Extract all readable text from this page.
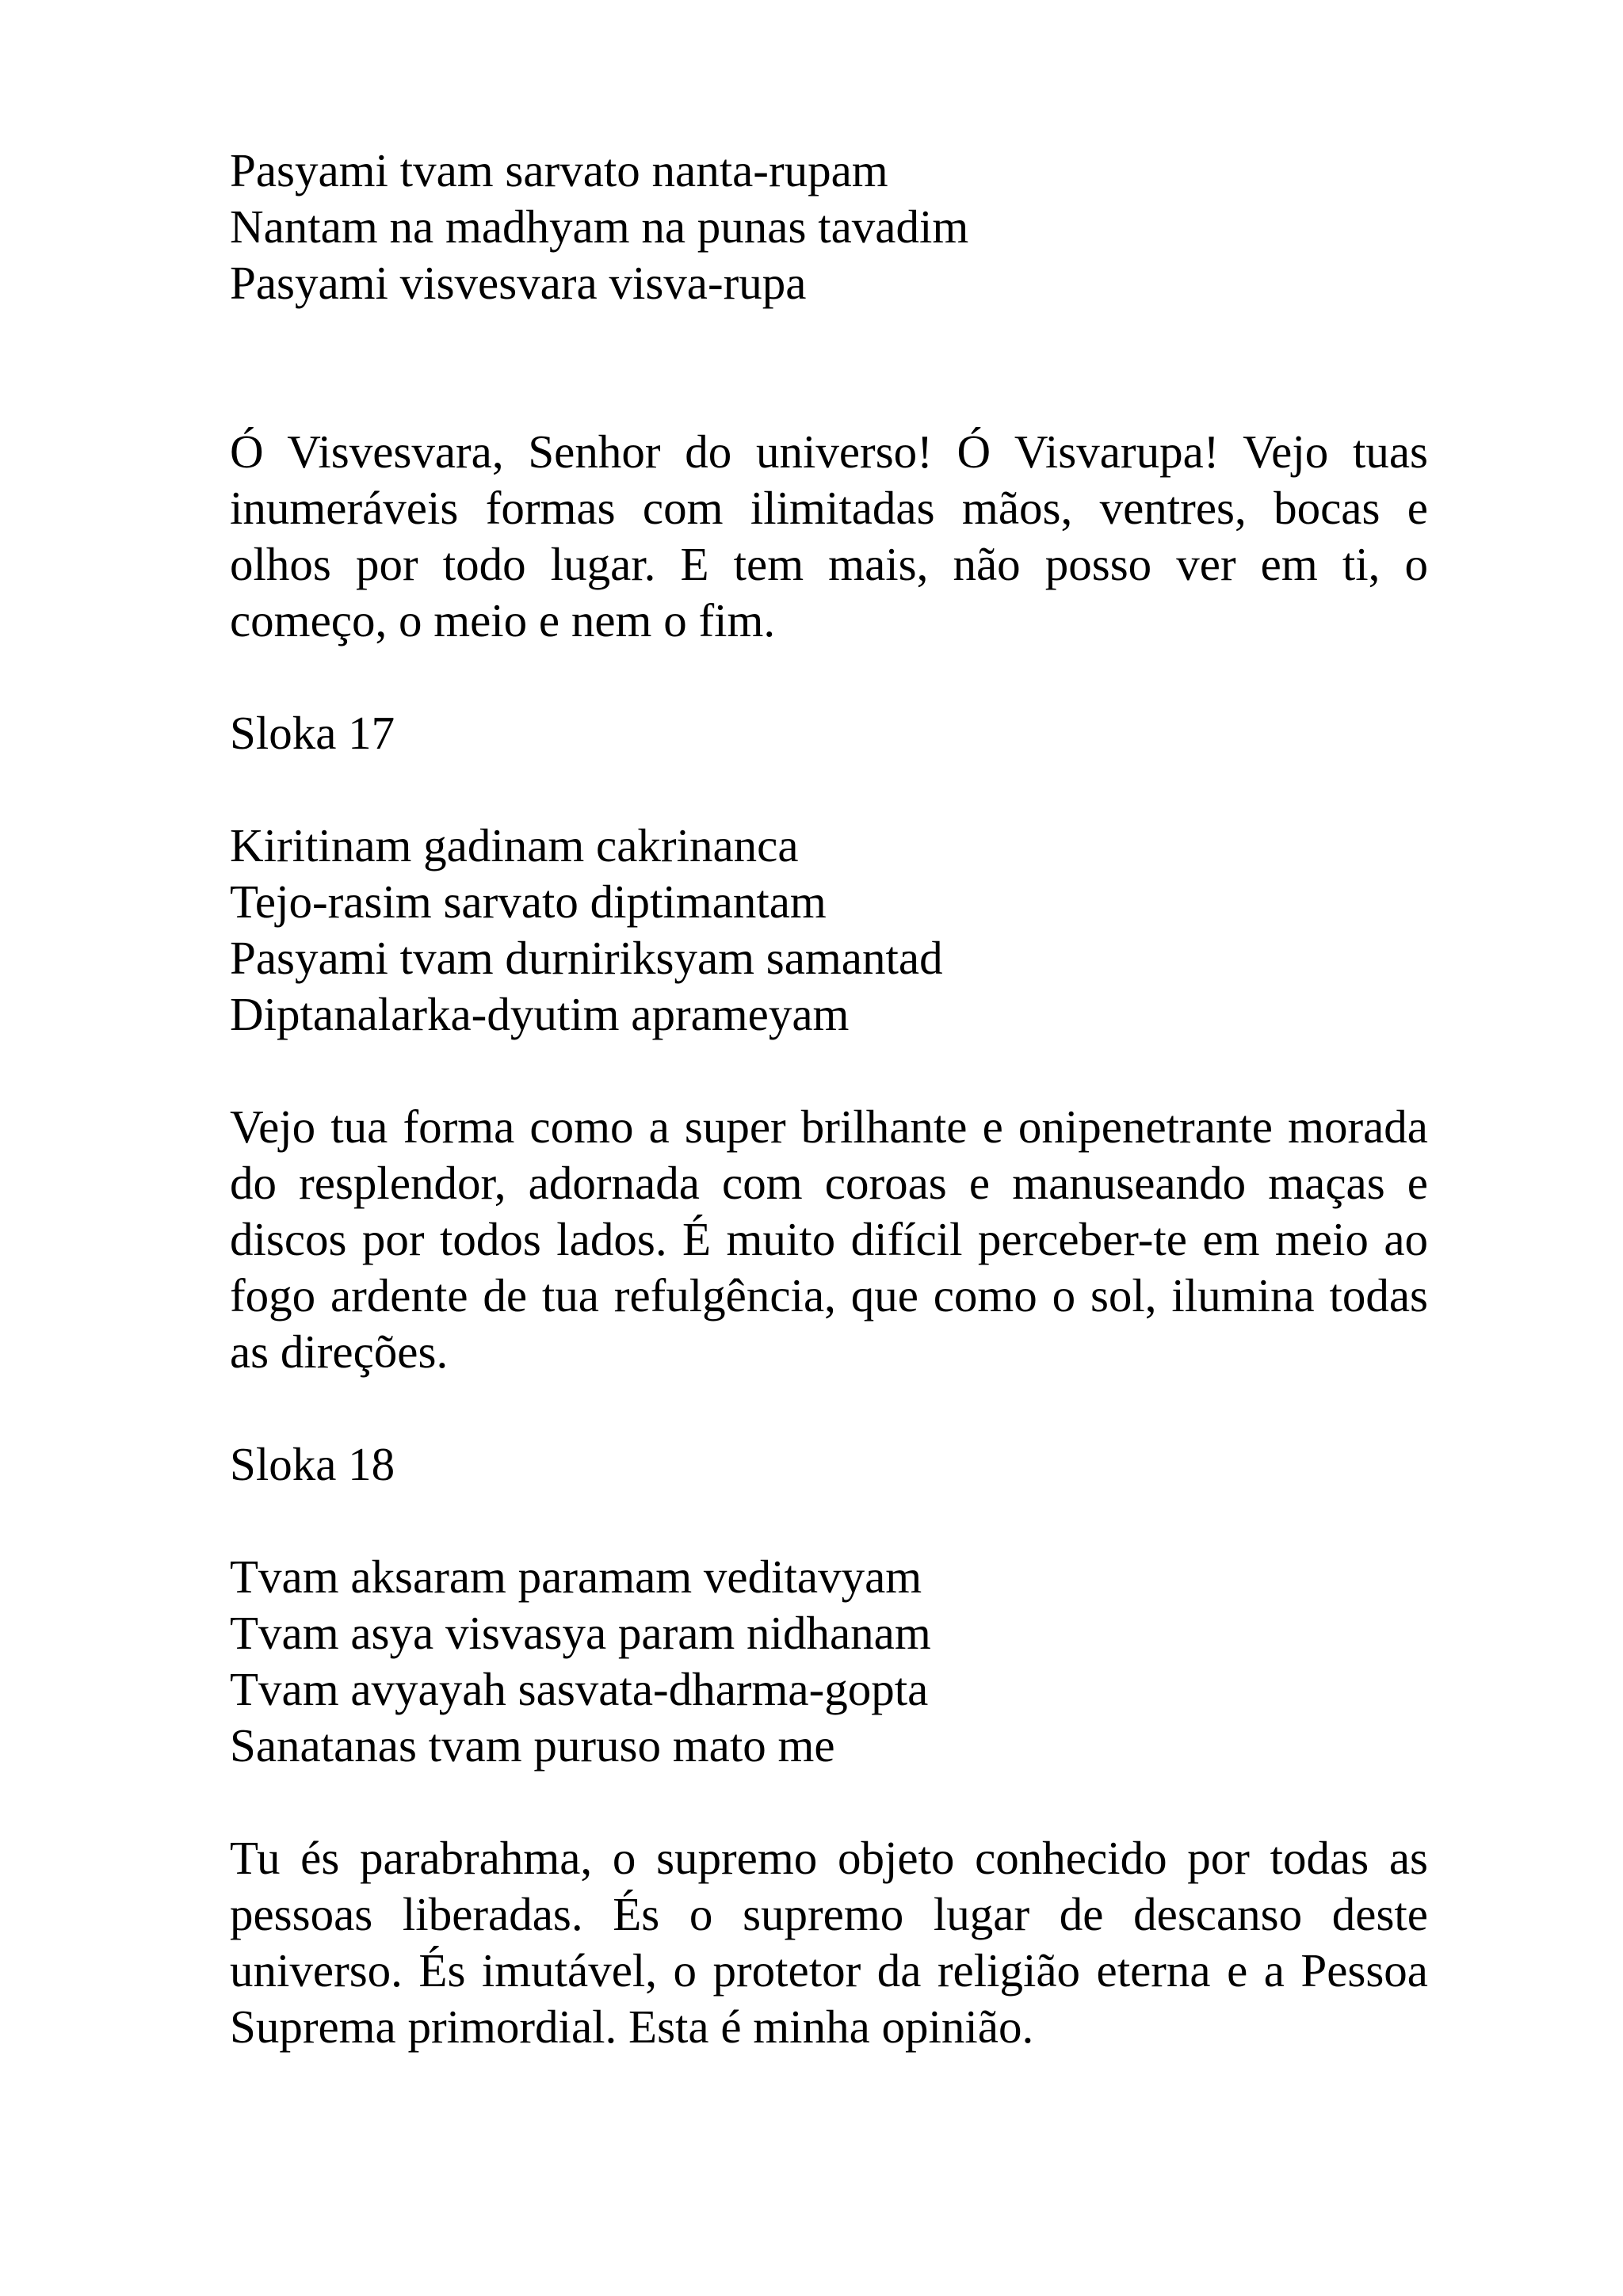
Pasyami tvam sarvato nanta-rupam

Nantam na madhyam na punas tavadim

Pasyami visvesvara visva-rupa

Ó Visvesvara, Senhor do universo! Ó Visvarupa! Vejo tuas inumeráveis formas com ilimitadas mãos, ventres, bocas e olhos por todo lugar. E tem mais, não posso ver em ti, o começo, o meio e nem o fim.

Sloka 17

Kiritinam gadinam cakrinanca

Tejo-rasim sarvato diptimantam

Pasyami tvam durniriksyam samantad

Diptanalarka-dyutim aprameyam

Vejo tua forma como a super brilhante e onipenetrante morada do resplendor, adornada com coroas e manuseando maças e discos por todos lados. É muito difícil perceber-te em meio ao fogo ardente de tua refulgência, que como o sol, ilumina todas as direções.

Sloka 18

Tvam aksaram paramam veditavyam

Tvam asya visvasya param nidhanam

Tvam avyayah sasvata-dharma-gopta

Sanatanas tvam puruso mato me

Tu és parabrahma, o supremo objeto conhecido por todas as pessoas liberadas. És o supremo lugar de descanso deste universo. És imutável, o protetor da religião eterna e a Pessoa Suprema primordial. Esta é minha opinião.
